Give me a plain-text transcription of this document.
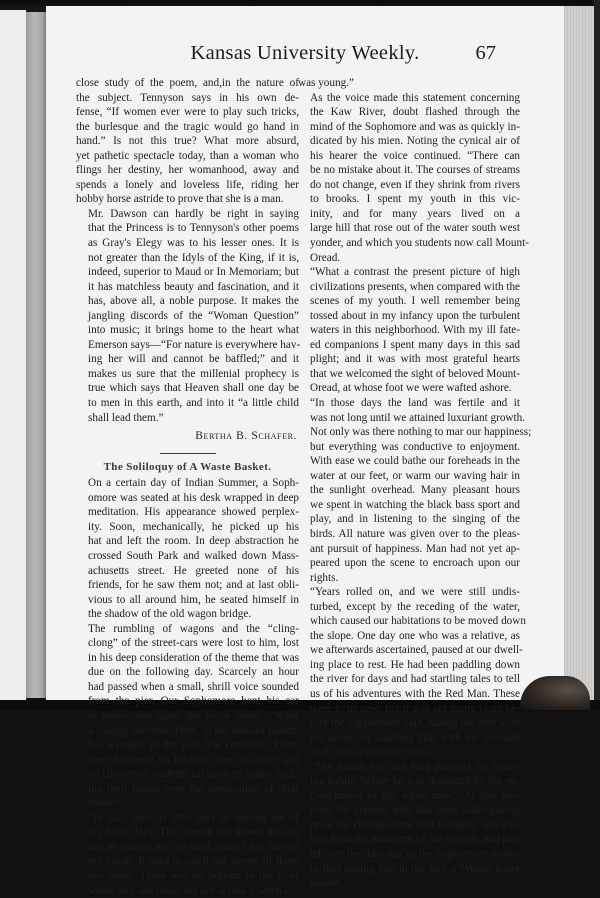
Kansas University Weekly.	67

close study of the poem, and,in the nature of
the subject. Tennyson says in his own de-
fense, “If women ever were to play such tricks,
the burlesque and the tragic would go hand in
hand.” Is not this true? What more absurd,
yet pathetic spectacle today, than a woman who
flings her destiny, her womanhood, away and
spends a lonely and loveless life, riding her
hobby horse astride to prove that she is a man.

Mr. Dawson can hardly be right in saying
that the Princess is to Tennyson's other poems
as Gray's Elegy was to his lesser ones. It is
not greater than the Idyls of the King, if it is,
indeed, superior to Maud or In Memoriam; but
it has matchless beauty and fascination, and it
has, above all, a noble purpose. It makes the
jangling discords of the “Woman Question”
into music; it brings home to the heart what
Emerson says—“For nature is everywhere hav-
ing her will and cannot be baffled;” and it
makes us sure that the millenial prophecy is
true which says that Heaven shall one day be
to men in this earth, and into it “a little child
shall lead them.”

Bertha B. Schafer.
The Soliloquy of A Waste Basket.

On a certain day of Indian Summer, a Soph-
omore was seated at his desk wrapped in deep
meditation. His appearance showed perplex-
ity. Soon, mechanically, he picked up his
hat and left the room. In deep abstraction he
crossed South Park and walked down Mass-
achusetts street. He greeted none of his
friends, for he saw them not; and at last obli-
vious to all around him, he seated himself in
the shadow of the old wagon bridge.

The rumbling of wagons and the “cling-
clong” of the street-cars were lost to him, lost
in his deep consideration of the theme that was
due on the following day. Scarcely an hour
had passed when a small, shrill voice sounded
from the pier. Our Sophomore bent his ear
to listen; and again the voice spoke. “What
a change invisible Time, in his onward march,
has wrought in the past few centuries. There
were formerly no bridges over this river and
no University students sat upon its banks, rack-
ing their brains over the preparation of their
themes.

“In fact, there is little here to remind me of
my early days. This stream has drawn into its
bed as a turtle into its shell, since I left here in
my youth. It used to swell out above all these
low-lands. There was no bottom to the river
water, and one could not see across it,when I

was young.”

As the voice made this statement concerning
the Kaw River, doubt flashed through the
mind of the Sophomore and was as quickly in-
dicated by his mien. Noting the cynical air of
his hearer the voice continued. “There can
be no mistake about it. The courses of streams
do not change, even if they shrink from rivers
to brooks. I spent my youth in this vic-
inity, and for many years lived on a
large hill that rose out of the water south west
yonder, and which you students now call Mount-
Oread.

“What a contrast the present picture of high
civilizations presents, when compared with the
scenes of my youth. I well remember being
tossed about in my infancy upon the turbulent
waters in this neighborhood. With my ill fate-
ed companions I spent many days in this sad
plight; and it was with most grateful hearts
that we welcomed the sight of beloved Mount-
Oread, at whose foot we were wafted ashore.

“In those days the land was fertile and it
was not long until we attained luxuriant growth.
Not only was there nothing to mar our happiness;
but everything was conductive to enjoyment.
With ease we could bathe our foreheads in the
water at our feet, or warm our waving hair in
the sunlight overhead. Many pleasant hours
we spent in watching the black bass sport and
play, and in listening to the singing of the
birds. All nature was given over to the pleas-
ant pursuit of happiness. Man had not yet ap-
peared upon the scene to encroach upon our
rights.

“Years rolled on, and we were still undis-
turbed, except by the receding of the water,
which caused our habitations to be moved down
the slope. One day one who was a relative, as
we afterwards ascertained, paused at our dwell-
ing place to rest. He had been paddling down
the river for days and had startling tales to tell
us of his adventures with the Red Man. These
were to us new; but it was not many years be-
fore the copperhued man, killing the deer with
his arrow, or catching fish with his crooked
stick, was a common sight.

“The Indian boy not long pursued his roam-
ing habits, before he was displaced by the en-
croachment of the white man”. At this mo-
ment the sranger who had been soliloquizing
upoa the changes time had wrought, was car-
ried from the abutment by the current, and pass-
ed over the dam just as the Sophomore awoke
to find staring him in the face a “Waste paper
Basket.”
